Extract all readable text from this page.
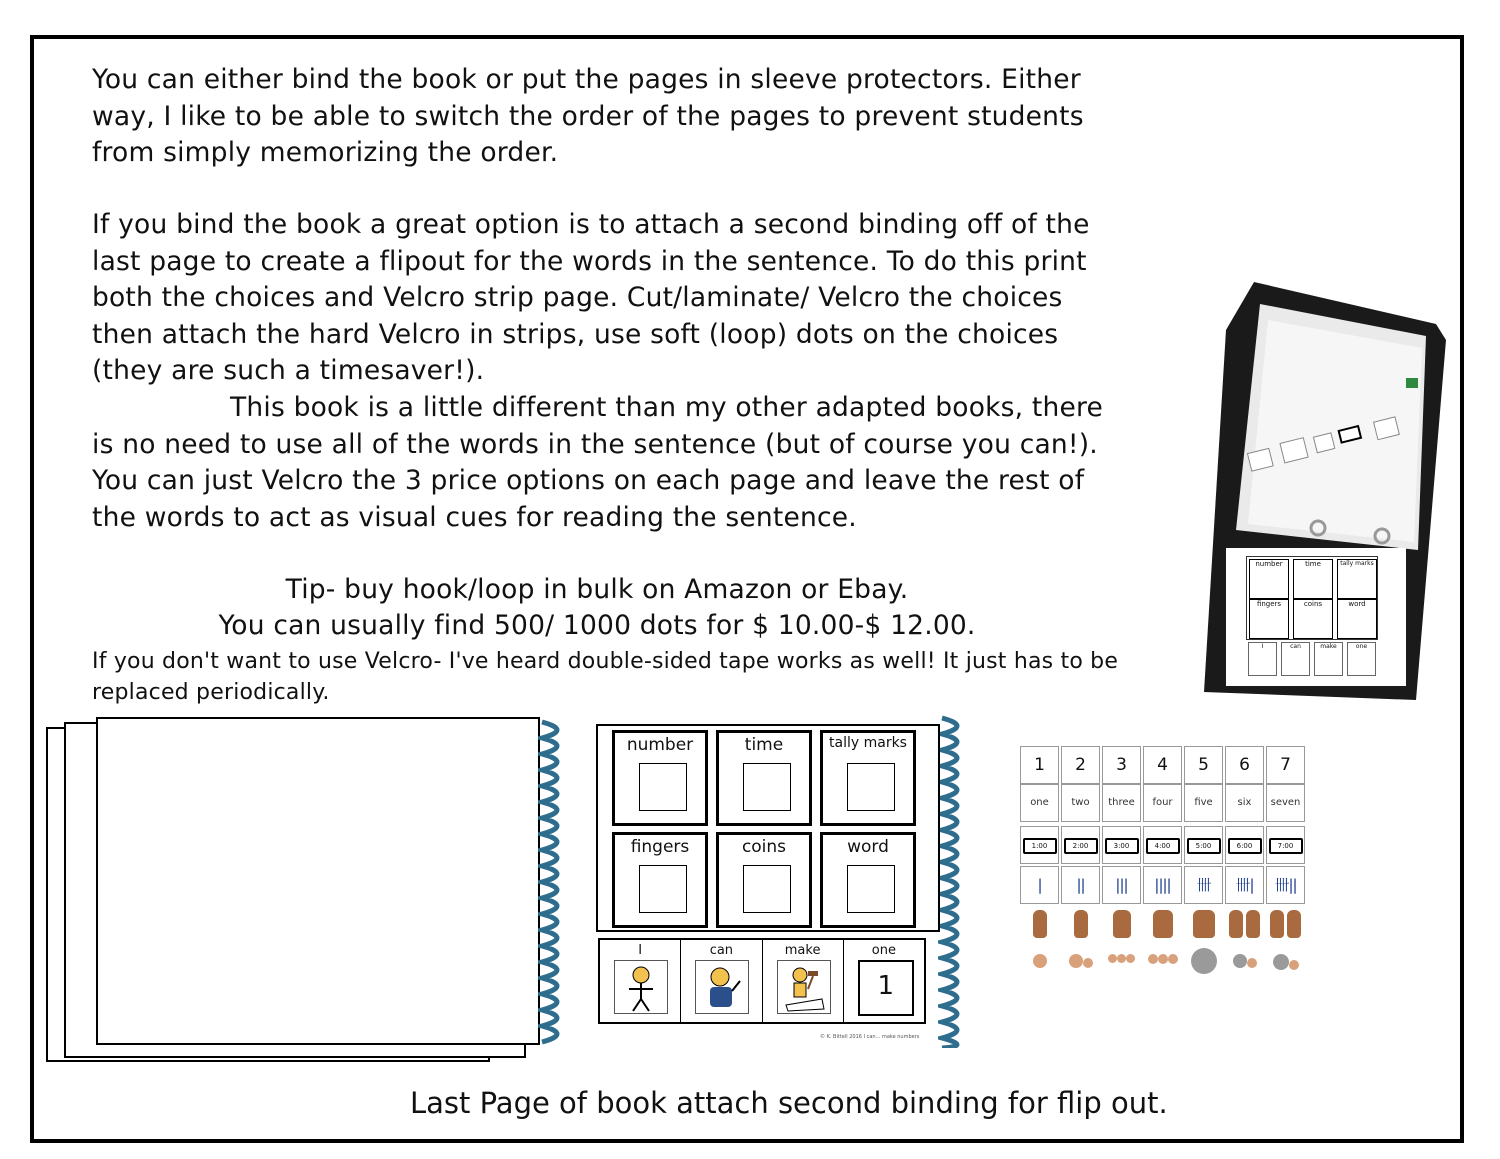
You can either bind the book or put the pages in sleeve protectors. Either way, I like to be able to switch the order of the pages to prevent students from simply memorizing the order.

If you bind the book a great option is to attach a second binding off of the last page to create a flipout for the words in the sentence. To do this print both the choices and Velcro strip page. Cut/laminate/ Velcro the choices then attach the hard Velcro in strips, use soft (loop) dots on the choices (they are such a timesaver!).

This book is a little different than my other adapted books, there is no need to use all of the words in the sentence (but of course you can!). You can just Velcro the 3 price options on each page and leave the rest of the words to act as visual cues for reading the sentence.

Tip- buy hook/loop in bulk on Amazon or Ebay.

You can usually find 500/ 1000 dots for $ 10.00-$ 12.00.

If you don't want to use Velcro- I've heard double-sided tape works as well! It just has to be replaced periodically.

number	time	tally marks
fingers	coins	word
I	can	make	one
1
© K. Bittell 2016 I can... make numbers
1	2	3	4	5	6	7
one	two	three	four	five	six	seven
1:00	2:00	3:00	4:00	5:00	6:00	7:00
|	||	|||	||||	卌	卌|	卌||
number	time	tally marks
fingers	coins	word
I	can	make	one
Last Page of book attach second binding for flip out.
